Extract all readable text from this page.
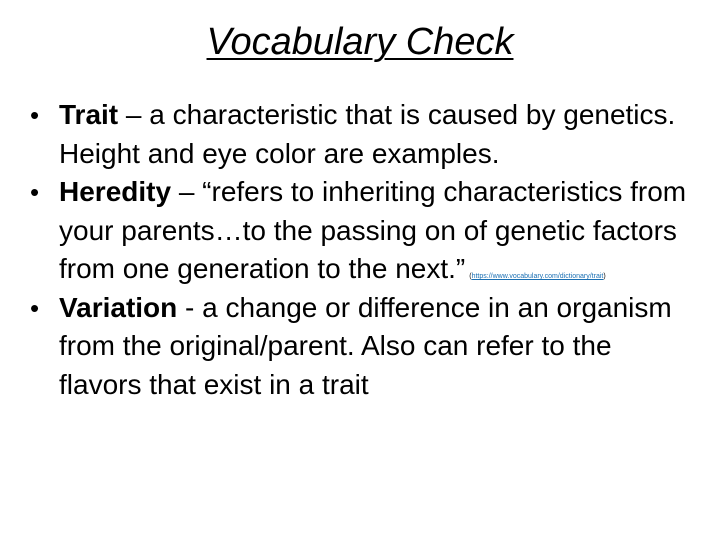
Vocabulary Check
• Trait – a characteristic that is caused by genetics. Height and eye color are examples.
• Heredity – “refers to inheriting characteristics from your parents…to the passing on of genetic factors from one generation to the next.” (https://www.vocabulary.com/dictionary/trait)
• Variation - a change or difference in an organism from the original/parent. Also can refer to the flavors that exist in a trait
